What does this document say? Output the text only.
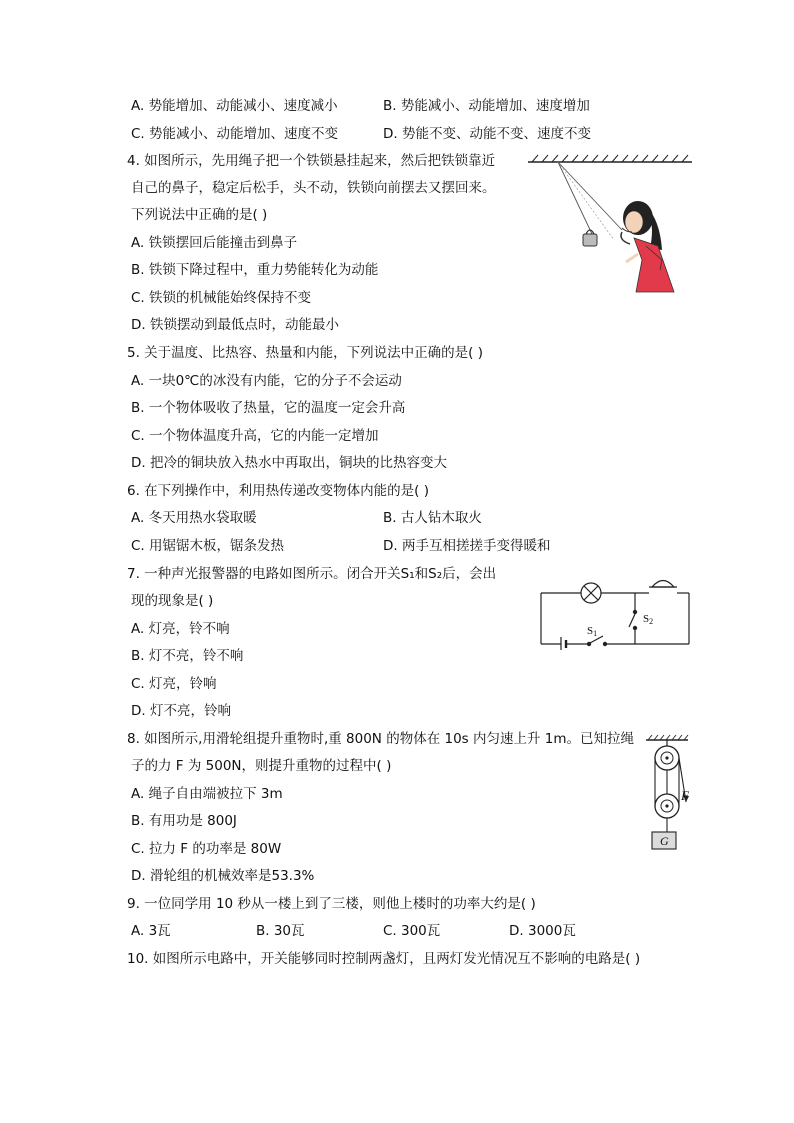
A. 势能增加、动能减小、速度减小	B. 势能减小、动能增加、速度增加
C. 势能减小、动能增加、速度不变	D. 势能不变、动能不变、速度不变
4. 如图所示，先用绳子把一个铁锁悬挂起来，然后把铁锁靠近
自己的鼻子，稳定后松手，头不动，铁锁向前摆去又摆回来。
下列说法中正确的是( )
A. 铁锁摆回后能撞击到鼻子
B. 铁锁下降过程中，重力势能转化为动能
C. 铁锁的机械能始终保持不变
D. 铁锁摆动到最低点时，动能最小
5. 关于温度、比热容、热量和内能，下列说法中正确的是( )
A. 一块0℃的冰没有内能，它的分子不会运动
B. 一个物体吸收了热量，它的温度一定会升高
C. 一个物体温度升高，它的内能一定增加
D. 把冷的铜块放入热水中再取出，铜块的比热容变大
6. 在下列操作中，利用热传递改变物体内能的是( )
A. 冬天用热水袋取暖	B. 古人钻木取火
C. 用锯锯木板，锯条发热	D. 两手互相搓搓手变得暖和
7. 一种声光报警器的电路如图所示。闭合开关S₁和S₂后，会出
现的现象是( )
A. 灯亮，铃不响
B. 灯不亮，铃不响
C. 灯亮，铃响
D. 灯不亮，铃响
S1
S2
8. 如图所示,用滑轮组提升重物时,重 800N 的物体在 10s 内匀速上升 1m。已知拉绳
子的力 F 为 500N，则提升重物的过程中( )
A. 绳子自由端被拉下 3m
B. 有用功是 800J
C. 拉力 F 的功率是 80W
D. 滑轮组的机械效率是53.3%
F
G
9. 一位同学用 10 秒从一楼上到了三楼，则他上楼时的功率大约是( )
A. 3瓦	B. 30瓦	C. 300瓦	D. 3000瓦
10. 如图所示电路中，开关能够同时控制两盏灯，且两灯发光情况互不影响的电路是( )
